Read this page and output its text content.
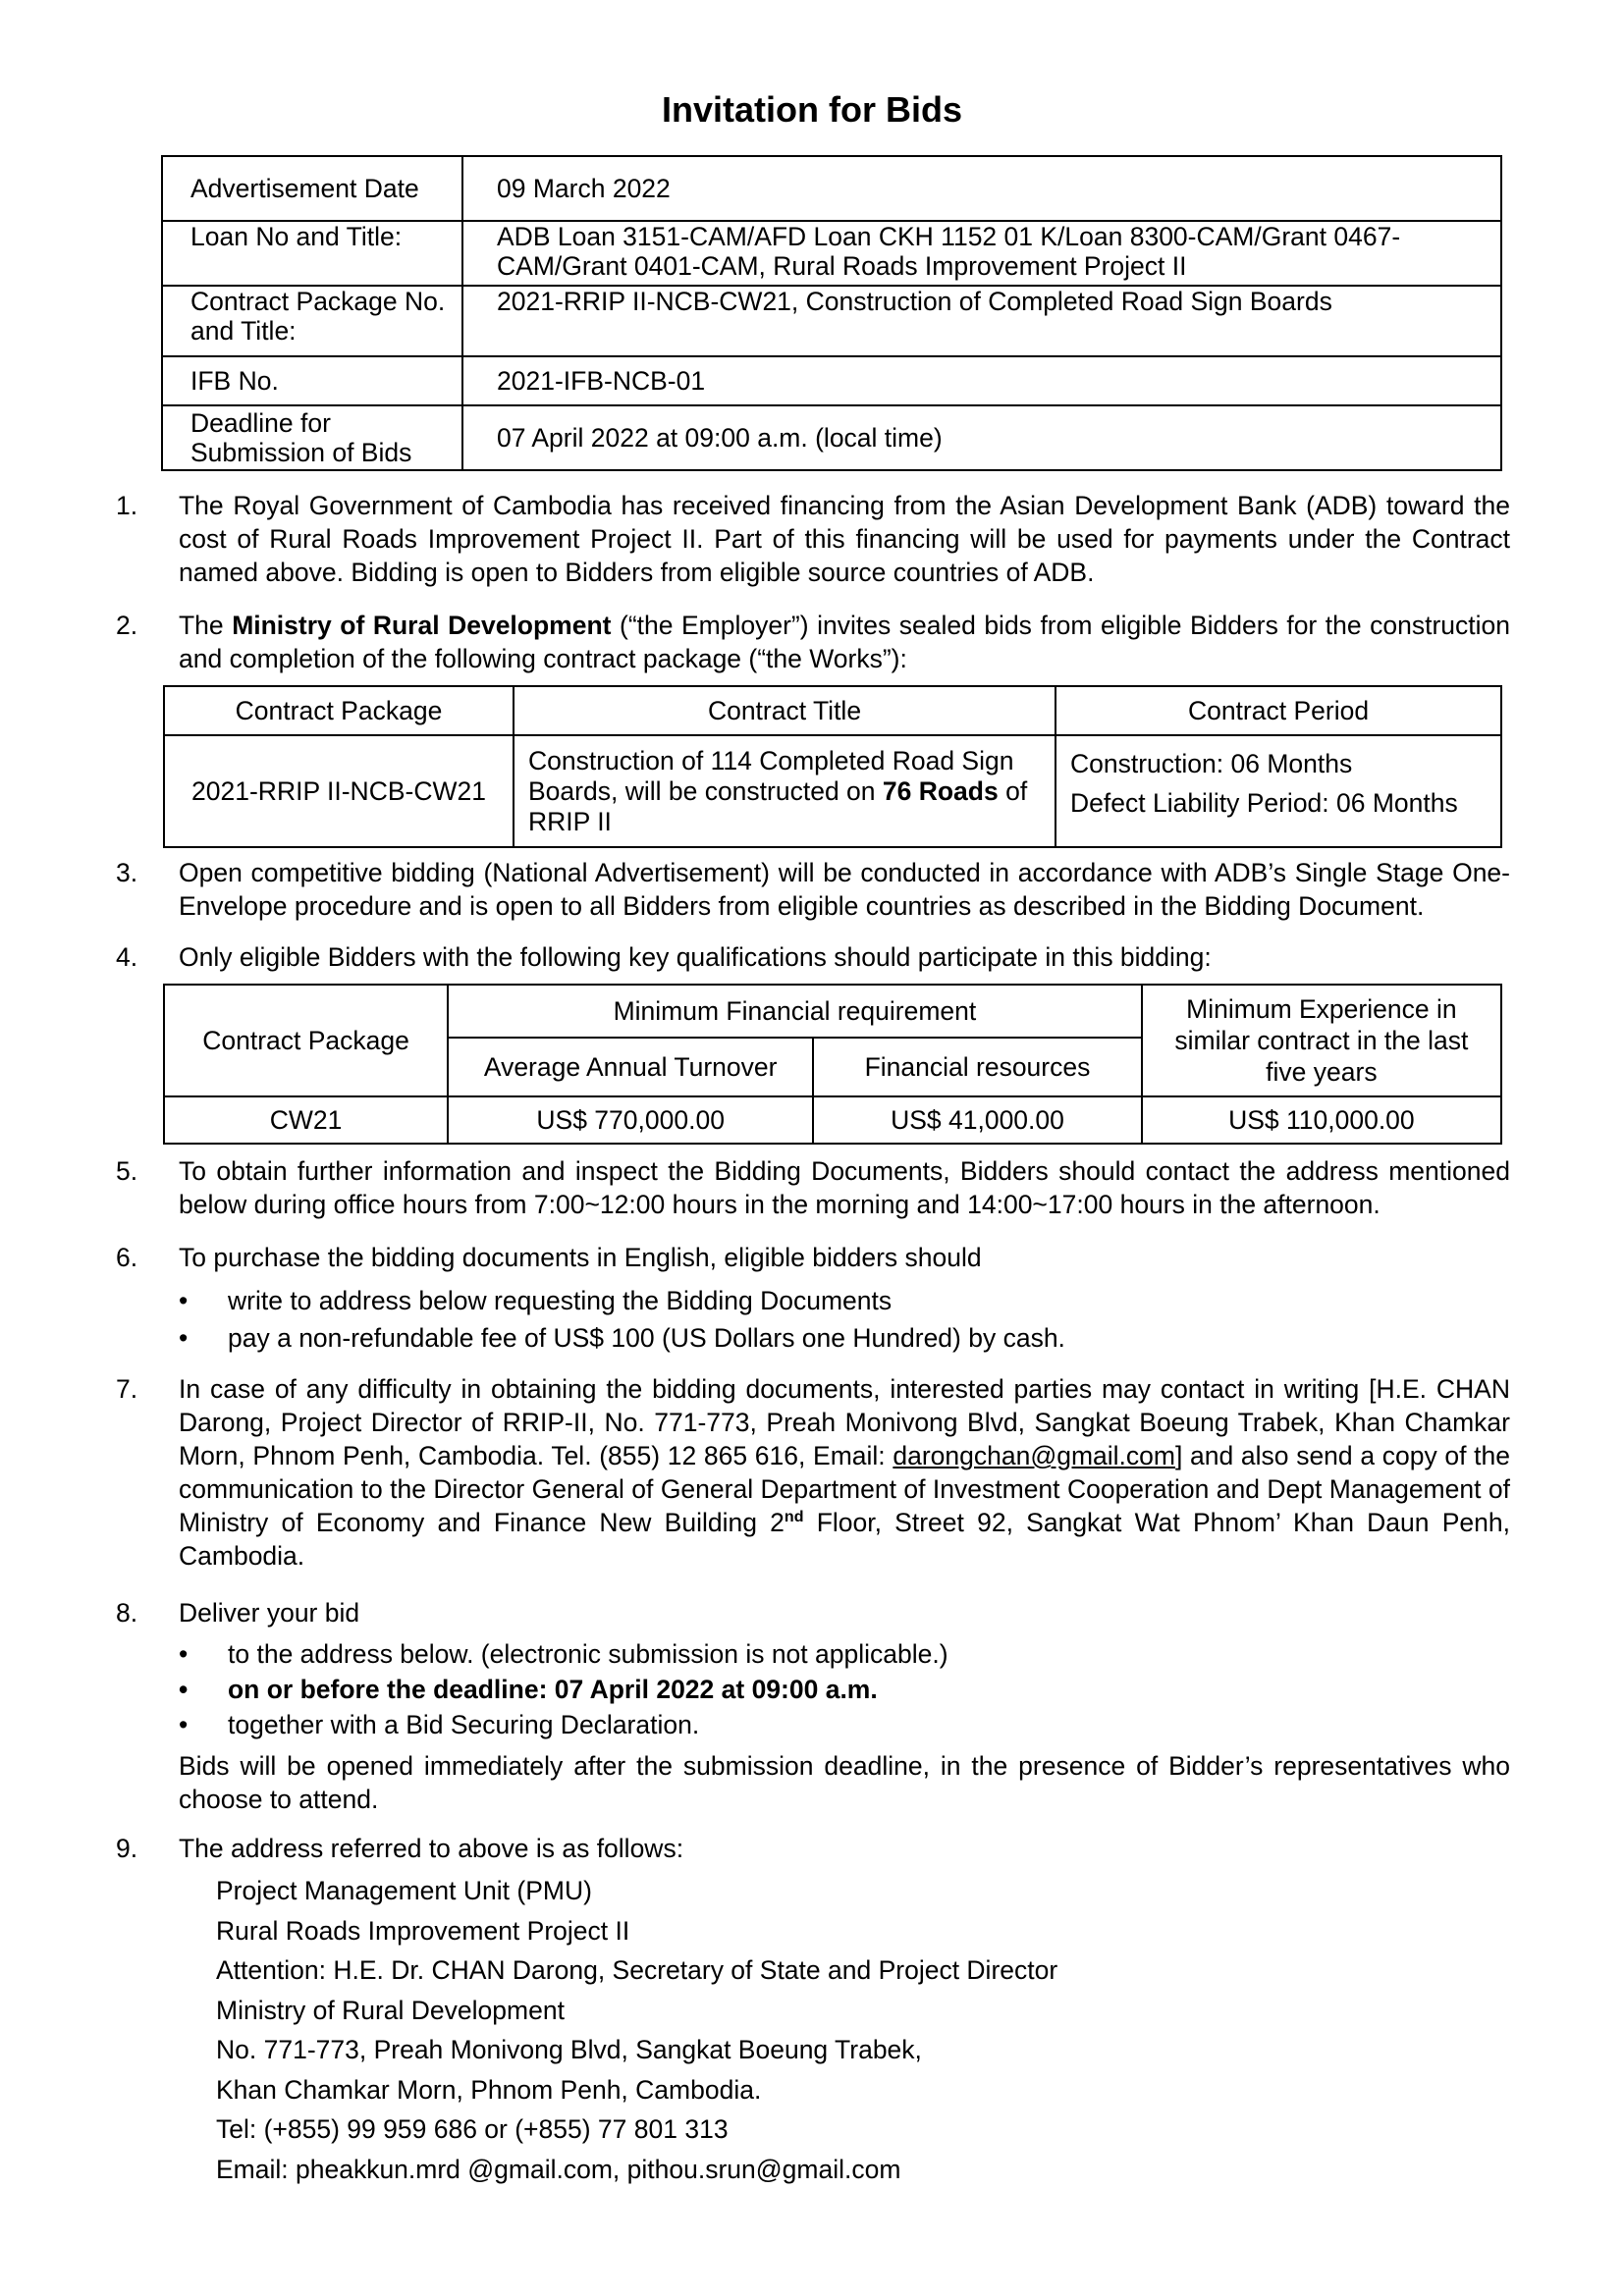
Invitation for Bids
Advertisement Date	09 March 2022
Loan No and Title:	ADB Loan 3151-CAM/AFD Loan CKH 1152 01 K/Loan 8300-CAM/Grant 0467-CAM/Grant 0401-CAM, Rural Roads Improvement Project II
Contract Package No. and Title:	2021-RRIP II-NCB-CW21, Construction of Completed Road Sign Boards
IFB No.	2021-IFB-NCB-01
Deadline for Submission of Bids	07 April 2022 at 09:00 a.m. (local time)
1.	The Royal Government of Cambodia has received financing from the Asian Development Bank (ADB) toward the cost of Rural Roads Improvement Project II. Part of this financing will be used for payments under the Contract named above. Bidding is open to Bidders from eligible source countries of ADB.
2.	The Ministry of Rural Development (“the Employer”) invites sealed bids from eligible Bidders for the construction and completion of the following contract package (“the Works”):
Contract Package	Contract Title	Contract Period
2021-RRIP II-NCB-CW21	Construction of 114 Completed Road Sign Boards, will be constructed on 76 Roads of RRIP II	Construction: 06 Months
Defect Liability Period: 06 Months
3.	Open competitive bidding (National Advertisement) will be conducted in accordance with ADB’s Single Stage One-Envelope procedure and is open to all Bidders from eligible countries as described in the Bidding Document.
4.	Only eligible Bidders with the following key qualifications should participate in this bidding:
Contract Package	Minimum Financial requirement		Minimum Experience in similar contract in the last five years
	Average Annual Turnover	Financial resources	
CW21	US$ 770,000.00	US$ 41,000.00	US$ 110,000.00
5.	To obtain further information and inspect the Bidding Documents, Bidders should contact the address mentioned below during office hours from 7:00~12:00 hours in the morning and 14:00~17:00 hours in the afternoon.
6.	To purchase the bidding documents in English, eligible bidders should
• write to address below requesting the Bidding Documents
• pay a non-refundable fee of US$ 100 (US Dollars one Hundred) by cash.
7.	In case of any difficulty in obtaining the bidding documents, interested parties may contact in writing [H.E. CHAN Darong, Project Director of RRIP-II, No. 771-773, Preah Monivong Blvd, Sangkat Boeung Trabek, Khan Chamkar Morn, Phnom Penh, Cambodia. Tel. (855) 12 865 616, Email: darongchan@gmail.com] and also send a copy of the communication to the Director General of General Department of Investment Cooperation and Dept Management of Ministry of Economy and Finance New Building 2nd Floor, Street 92, Sangkat Wat Phnom’ Khan Daun Penh, Cambodia.
8.	Deliver your bid
• to the address below. (electronic submission is not applicable.)
• on or before the deadline: 07 April 2022 at 09:00 a.m.
• together with a Bid Securing Declaration.
Bids will be opened immediately after the submission deadline, in the presence of Bidder’s representatives who choose to attend.
9.	The address referred to above is as follows:
Project Management Unit (PMU)
Rural Roads Improvement Project II
Attention: H.E. Dr. CHAN Darong, Secretary of State and Project Director
Ministry of Rural Development
No. 771-773, Preah Monivong Blvd, Sangkat Boeung Trabek,
Khan Chamkar Morn, Phnom Penh, Cambodia.
Tel: (+855) 99 959 686 or (+855) 77 801 313
Email: pheakkun.mrd @gmail.com, pithou.srun@gmail.com
